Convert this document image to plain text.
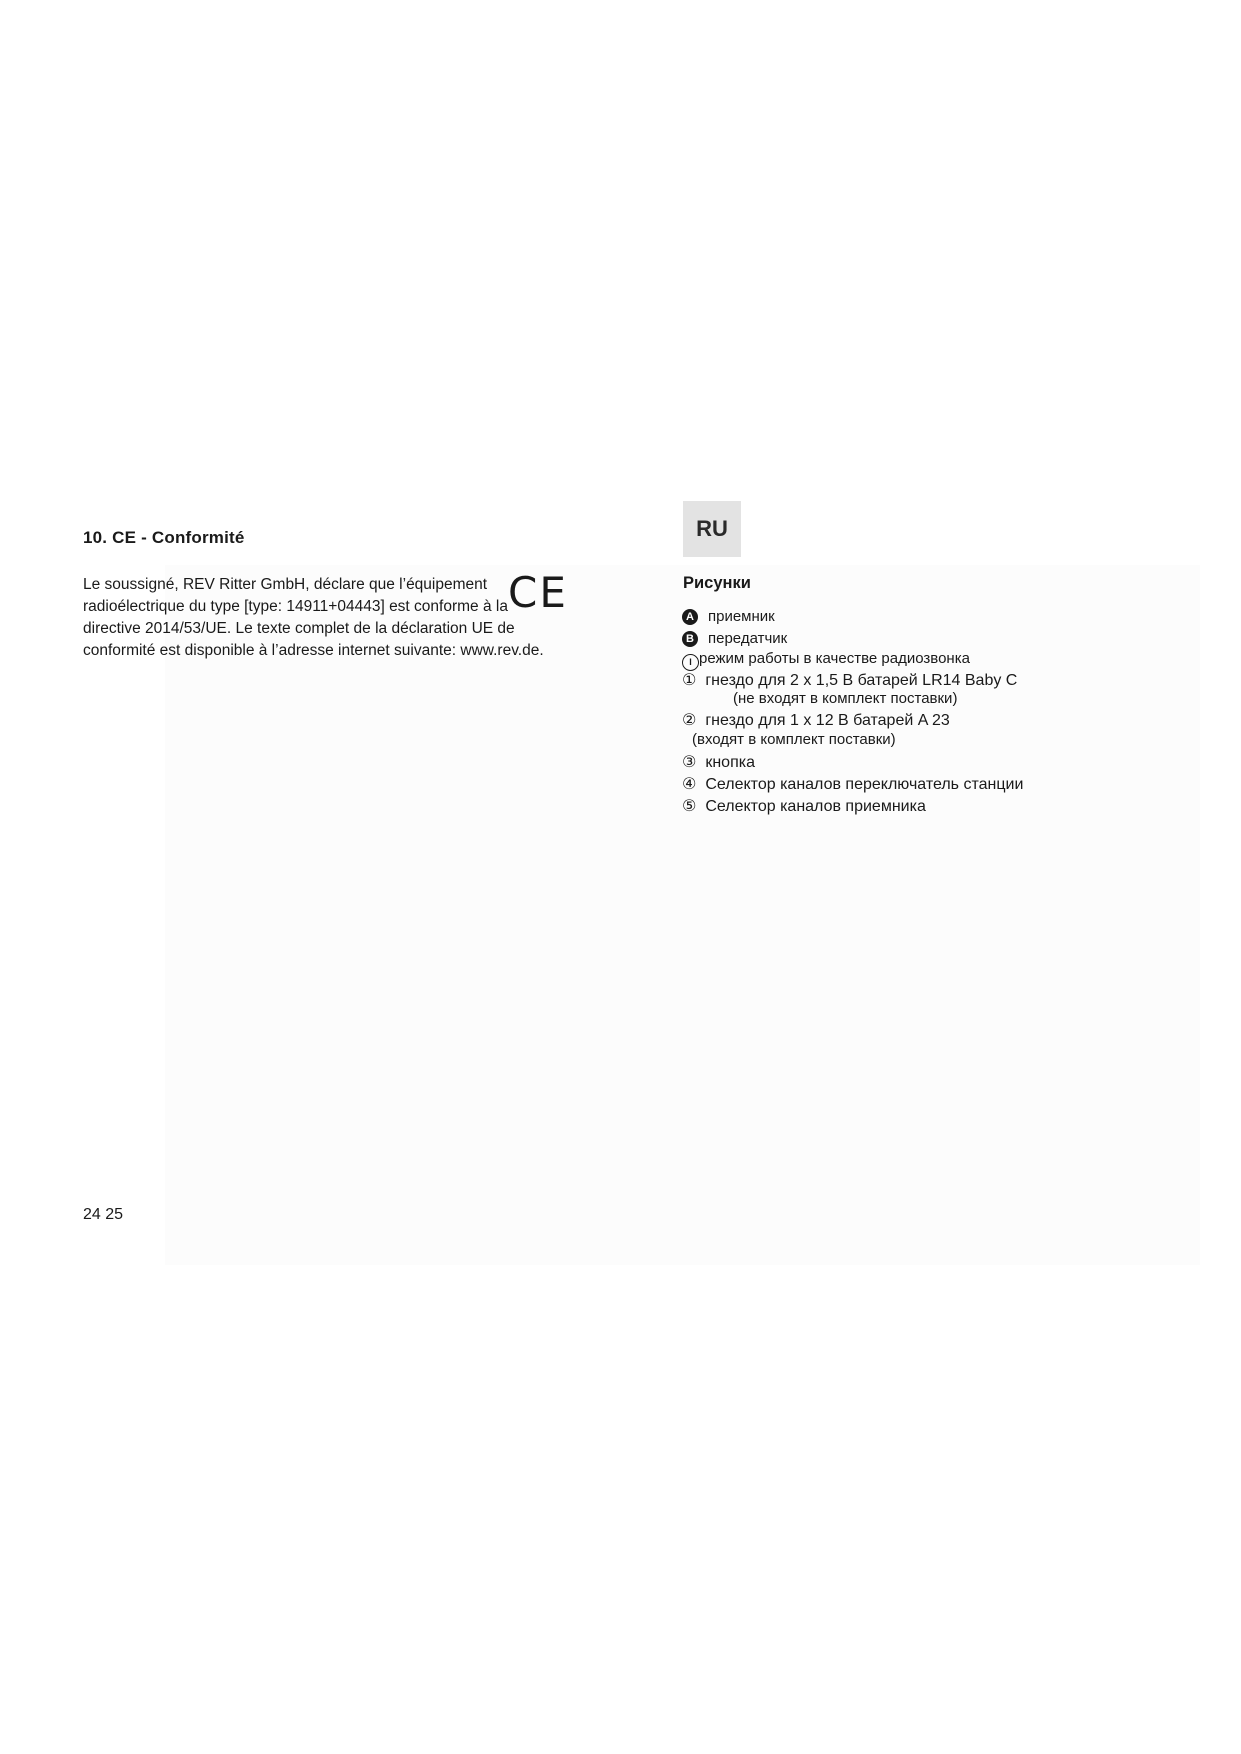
10. CE - Conformité

Le soussigné, REV Ritter GmbH, déclare que l’équipement radioélectrique du type [type: 14911+04443] est conforme à la directive 2014/53/UE. Le texte complet de la déclaration UE de conformité est disponible à l’adresse internet suivante: www.rev.de.

CE
24 25
RU
Рисунки
A приемник
B передатчик
I режим работы в качестве радиозвонка
① гнездо для 2 x 1,5 В батарей LR14 Baby C
(не входят в комплект поставки)
② гнездо для 1 x 12 В батарей A 23
(входят в комплект поставки)
③ кнопка
④ Селектор каналов переключатель станции
⑤ Селектор каналов приемника
